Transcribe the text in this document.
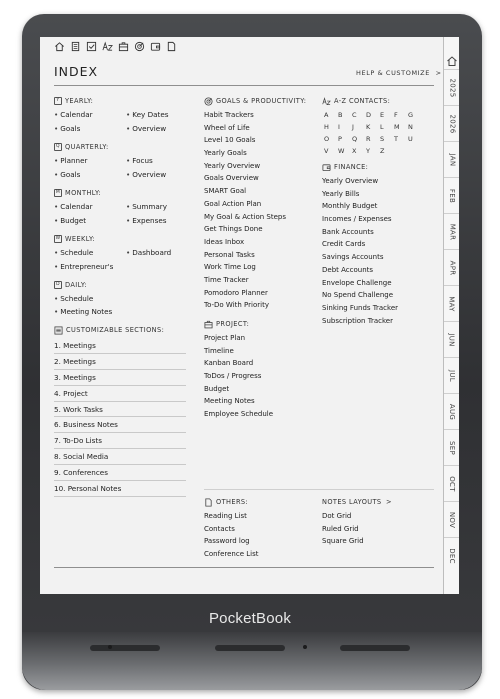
INDEX	HELP & CUSTOMIZE >
Y YEARLY:
• Calendar	• Key Dates
• Goals	• Overview
Q QUARTERLY:
• Planner	• Focus
• Goals	• Overview
M MONTHLY:
• Calendar	• Summary
• Budget	• Expenses
W WEEKLY:
• Schedule	• Dashboard
• Entrepreneur's
D DAILY:
• Schedule
• Meeting Notes
CUSTOMIZABLE SECTIONS:
1. Meetings
2. Meetings
3. Meetings
4. Project
5. Work Tasks
6. Business Notes
7. To-Do Lists
8. Social Media
9. Conferences
10. Personal Notes
GOALS & PRODUCTIVITY:
Habit Trackers
Wheel of Life
Level 10 Goals
Yearly Goals
Yearly Overview
Goals Overview
SMART Goal
Goal Action Plan
My Goal & Action Steps
Get Things Done
Ideas Inbox
Personal Tasks
Work Time Log
Time Tracker
Pomodoro Planner
To-Do With Priority
PROJECT:
Project Plan
Timeline
Kanban Board
ToDos / Progress
Budget
Meeting Notes
Employee Schedule
A-Z CONTACTS:
A	B	C	D	E	F	G
H	I	J	K	L	M	N
O	P	Q	R	S	T	U
V	W	X	Y	Z
FINANCE:
Yearly Overview
Yearly Bills
Monthly Budget
Incomes / Expenses
Bank Accounts
Credit Cards
Savings Accounts
Debt Accounts
Envelope Challenge
No Spend Challenge
Sinking Funds Tracker
Subscription Tracker
OTHERS:
Reading List
Contacts
Password log
Conference List
NOTES LAYOUTS >
Dot Grid
Ruled Grid
Square Grid
2025
2026
JAN
FEB
MAR
APR
MAY
JUN
JUL
AUG
SEP
OCT
NOV
DEC
PocketBook
